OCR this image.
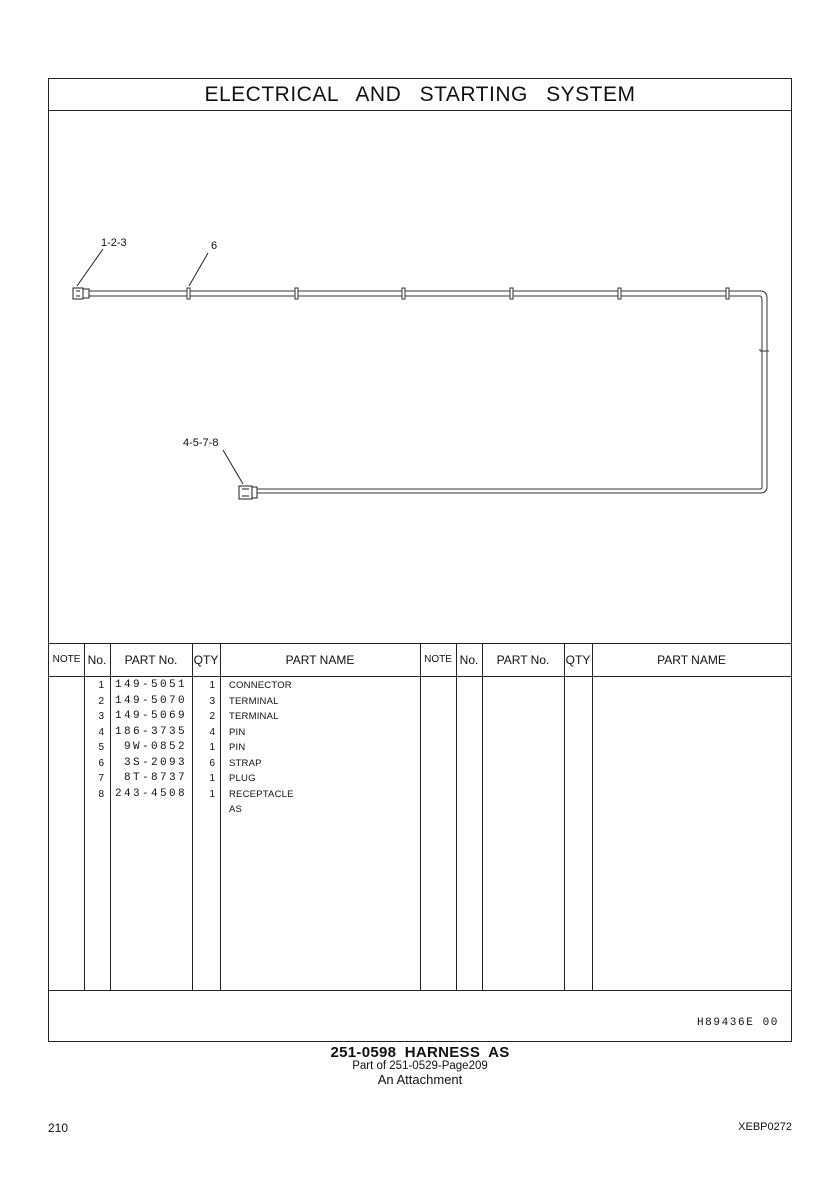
ELECTRICAL AND STARTING SYSTEM
1-2-3	6
4-5-7-8
NOTE No.	PART No.	QTY	PART NAME	NOTE No.	PART No.	QTY	PART NAME
1 149-5051	1 CONNECTOR
2 149-5070	3 TERMINAL
3 149-5069	2 TERMINAL
4 186-3735	4 PIN
5	9W-0852	1 PIN
6	3S-2093	6 STRAP
7	8T-8737	1 PLUG
8 243-4508	1 RECEPTACLE AS
H89436E 00
251-0598 HARNESS AS
Part of 251-0529-Page209
An Attachment
210	XEBP0272
